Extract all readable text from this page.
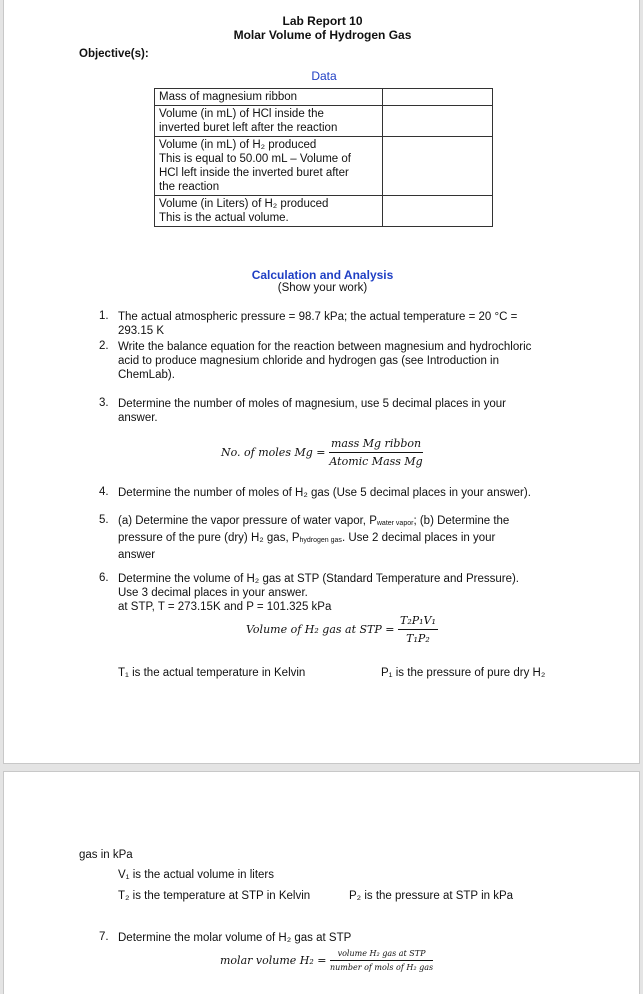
Lab Report 10
Molar Volume of Hydrogen Gas
Objective(s):
Data
Mass of magnesium ribbon	

Volume (in mL) of HCl inside the
inverted buret left after the reaction	

Volume (in mL) of H₂ produced
This is equal to 50.00 mL – Volume of
HCl left inside the inverted buret after
the reaction	

Volume (in Liters) of H₂ produced
This is the actual volume.	

Calculation and Analysis
(Show your work)
1. The actual atmospheric pressure = 98.7 kPa; the actual temperature = 20 °C =
293.15 K
2. Write the balance equation for the reaction between magnesium and hydrochloric
acid to produce magnesium chloride and hydrogen gas (see Introduction in
ChemLab).
3. Determine the number of moles of magnesium, use 5 decimal places in your
answer.
No. of moles $Mg = \frac{\text{mass Mg ribbon}}{\text{Atomic Mass Mg}}$
4. Determine the number of moles of H₂ gas (Use 5 decimal places in your answer).
5. (a) Determine the vapor pressure of water vapor, $P_{water vapor}$; (b) Determine the
pressure of the pure (dry) H₂ gas, $P_{hydrogen gas}$. Use 2 decimal places in your
answer
6. Determine the volume of H₂ gas at STP (Standard Temperature and Pressure).
Use 3 decimal places in your answer.
at STP, T = 273.15K and P = 101.325 kPa
Volume of H₂ gas at STP = $\frac{\text{T₂P₁V₁}}{\text{T₁P₂}}$
T₁ is the actual temperature in Kelvin	P₁ is the pressure of pure dry H₂
gas in kPa
V₁ is the actual volume in liters
T₂ is the temperature at STP in Kelvin	P₂ is the pressure at STP in kPa
7. Determine the molar volume of H₂ gas at STP
molar volume $H_2 = \frac{\text{volume H₂ gas at STP}}{\text{number of mols of H₂ gas}}$
